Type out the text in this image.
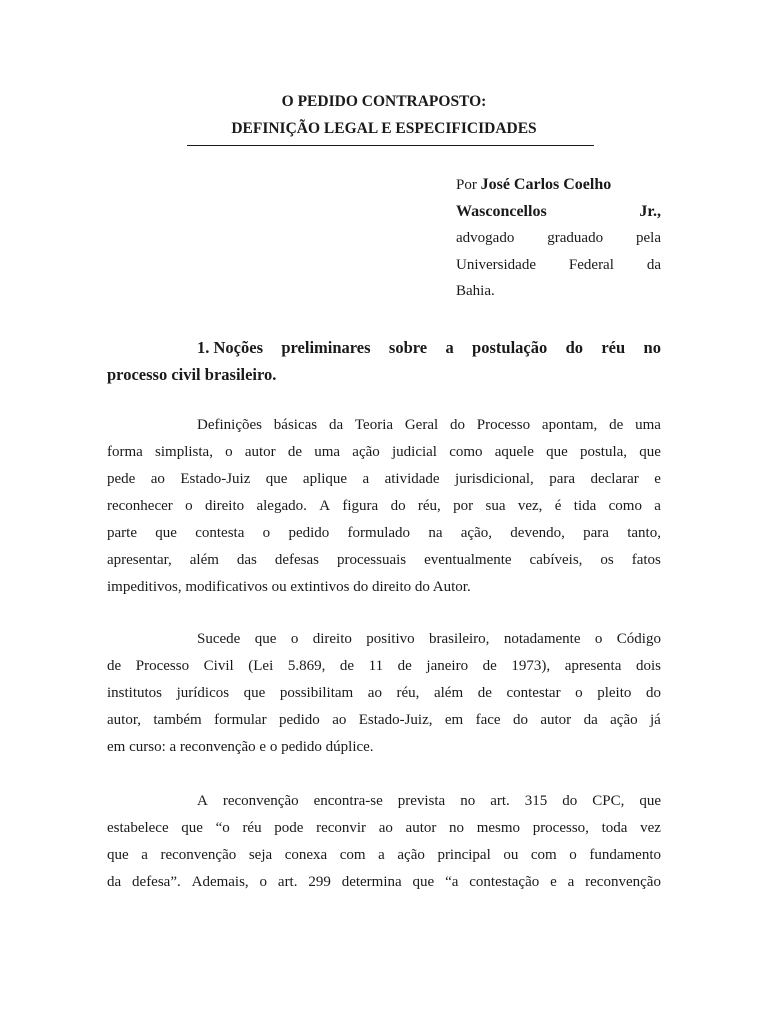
O PEDIDO CONTRAPOSTO:
DEFINIÇÃO LEGAL E ESPECIFICIDADES
Por José Carlos Coelho
Wasconcellos	Jr.,
advogado graduado pela
Universidade Federal da
Bahia.
1. Noções preliminares sobre a postulação do réu no
processo civil brasileiro.
Definições básicas da Teoria Geral do Processo apontam, de uma
forma simplista, o autor de uma ação judicial como aquele que postula, que
pede ao Estado-Juiz que aplique a atividade jurisdicional, para declarar e
reconhecer o direito alegado. A figura do réu, por sua vez, é tida como a
parte que contesta o pedido formulado na ação, devendo, para tanto,
apresentar, além das defesas processuais eventualmente cabíveis, os fatos
impeditivos, modificativos ou extintivos do direito do Autor.
Sucede que o direito positivo brasileiro, notadamente o Código
de Processo Civil (Lei 5.869, de 11 de janeiro de 1973), apresenta dois
institutos jurídicos que possibilitam ao réu, além de contestar o pleito do
autor, também formular pedido ao Estado-Juiz, em face do autor da ação já
em curso: a reconvenção e o pedido dúplice.
A reconvenção encontra-se prevista no art. 315 do CPC, que
estabelece que “o réu pode reconvir ao autor no mesmo processo, toda vez
que a reconvenção seja conexa com a ação principal ou com o fundamento
da defesa”. Ademais, o art. 299 determina que “a contestação e a reconvenção
